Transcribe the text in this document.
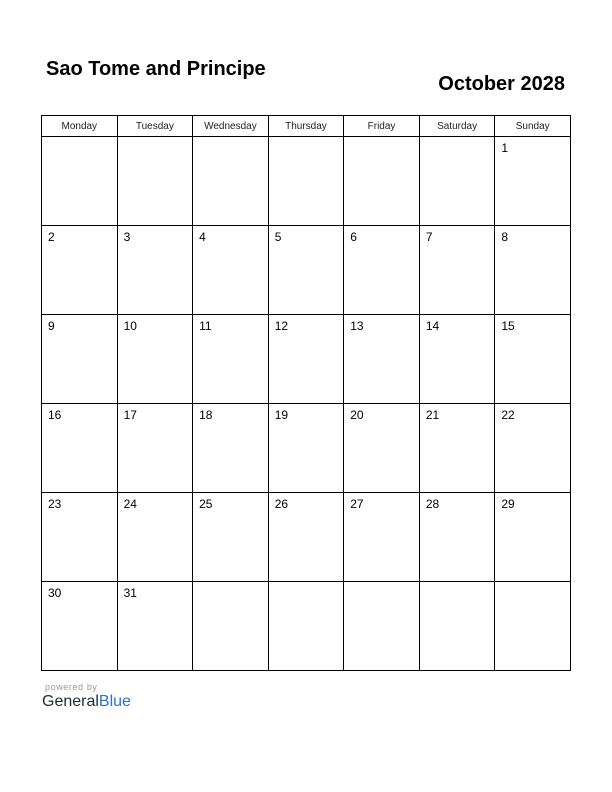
Sao Tome and Principe
October 2028
Monday	Tuesday	Wednesday	Thursday	Friday	Saturday	Sunday

						1

2	3	4	5	6	7	8

9	10	11	12	13	14	15

16	17	18	19	20	21	22

23	24	25	26	27	28	29

30	31					

powered by
GeneralBlue
